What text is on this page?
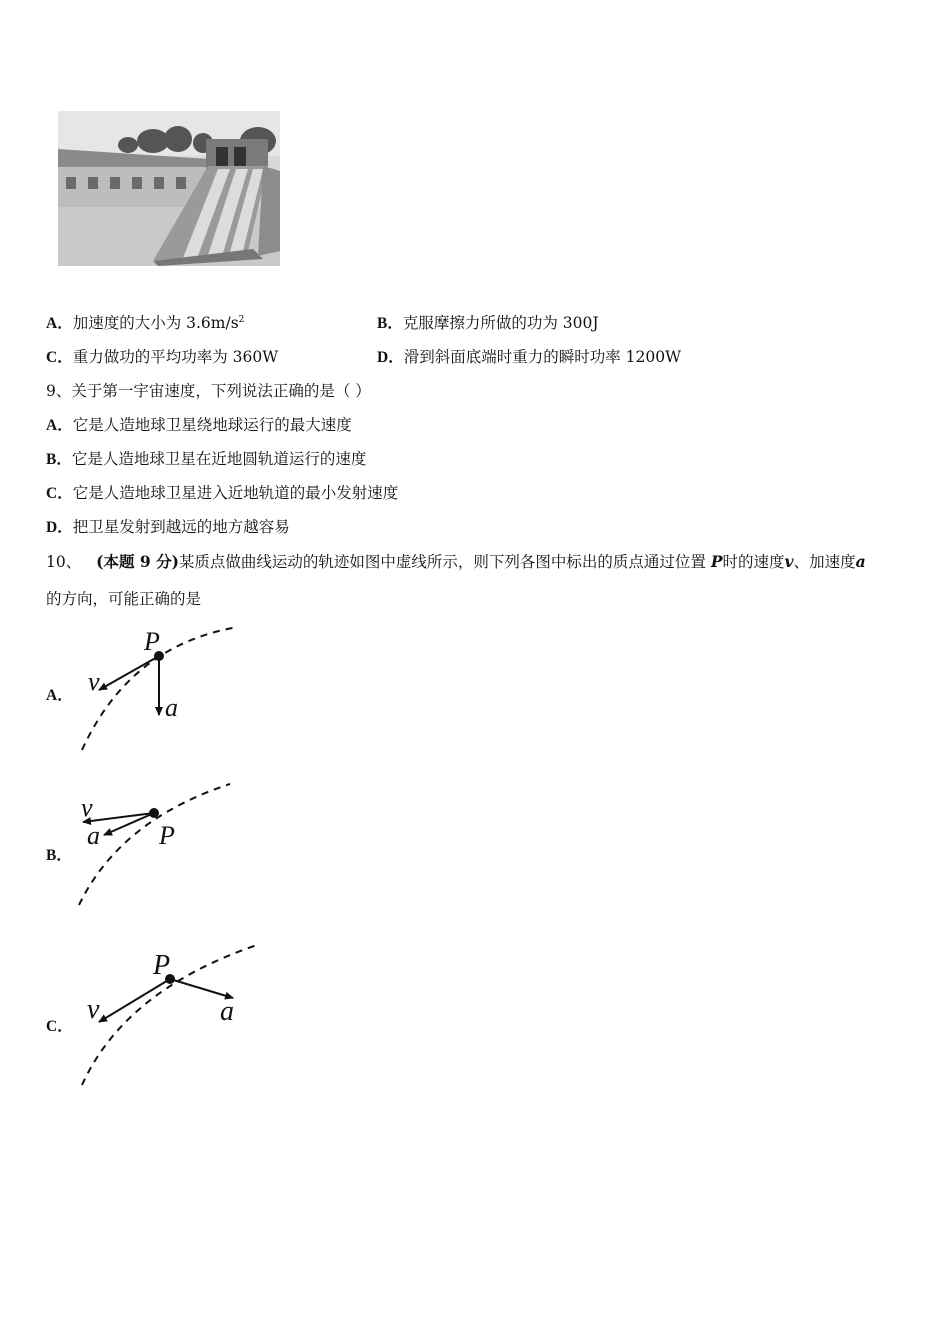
A．加速度的大小为 $3.6m/s^2$	B．克服摩擦力所做的功为 300J
C．重力做功的平均功率为 360W	D．滑到斜面底端时重力的瞬时功率 1200W
9、关于第一宇宙速度，下列说法正确的是（ ）
A．它是人造地球卫星绕地球运行的最大速度
B．它是人造地球卫星在近地圆轨道运行的速度
C．它是人造地球卫星进入近地轨道的最小发射速度
D．把卫星发射到越远的地方越容易
10、 (本题 9 分)某质点做曲线运动的轨迹如图中虚线所示，则下列各图中标出的质点通过位置 P时的速度v、加速度a
的方向，可能正确的是
A．
P
v
a
B．
v
a P
C．
P
v	a
